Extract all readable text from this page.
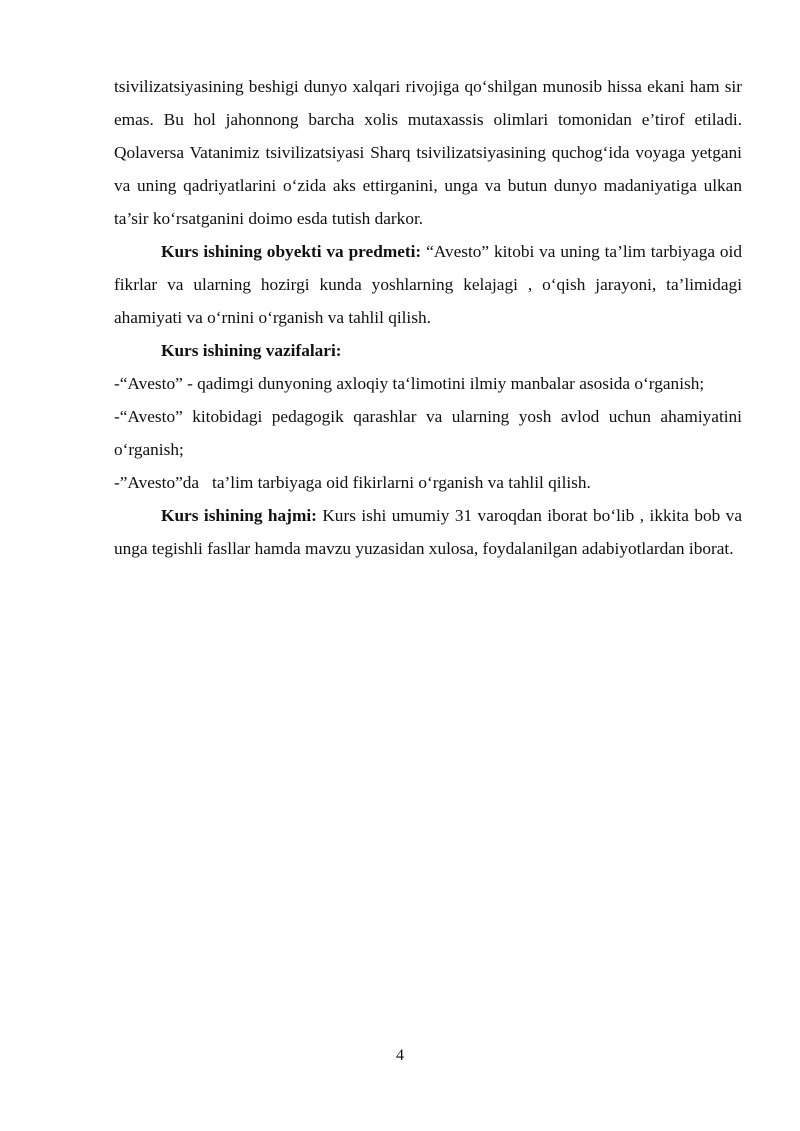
tsivilizatsiyasining beshigi dunyo xalqari rivojiga qo‘shilgan munosib hissa ekani ham sir emas. Bu hol jahonnong barcha xolis mutaxassis olimlari tomonidan e’tirof etiladi. Qolaversa Vatanimiz tsivilizatsiyasi Sharq tsivilizatsiyasining quchog‘ida voyaga yetgani va uning qadriyatlarini o‘zida aks ettirganini, unga va butun dunyo madaniyatiga ulkan ta’sir ko‘rsatganini doimo esda tutish darkor.

Kurs ishining obyekti va predmeti: “Avesto” kitobi va uning ta’lim tarbiyaga oid fikrlar va ularning hozirgi kunda yoshlarning kelajagi , o‘qish jarayoni, ta’limidagi ahamiyati va o‘rnini o‘rganish va tahlil qilish.

Kurs ishining vazifalari:

-“Avesto” - qadimgi dunyoning axloqiy ta‘limotini ilmiy manbalar asosida o‘rganish;

-“Avesto” kitobidagi pedagogik qarashlar va ularning yosh avlod uchun ahamiyatini o‘rganish;

-”Avesto”da   ta’lim tarbiyaga oid fikirlarni o‘rganish va tahlil qilish.

Kurs ishining hajmi: Kurs ishi umumiy 31 varoqdan iborat bo‘lib , ikkita bob va unga tegishli fasllar hamda mavzu yuzasidan xulosa, foydalanilgan adabiyotlardan iborat.

4
